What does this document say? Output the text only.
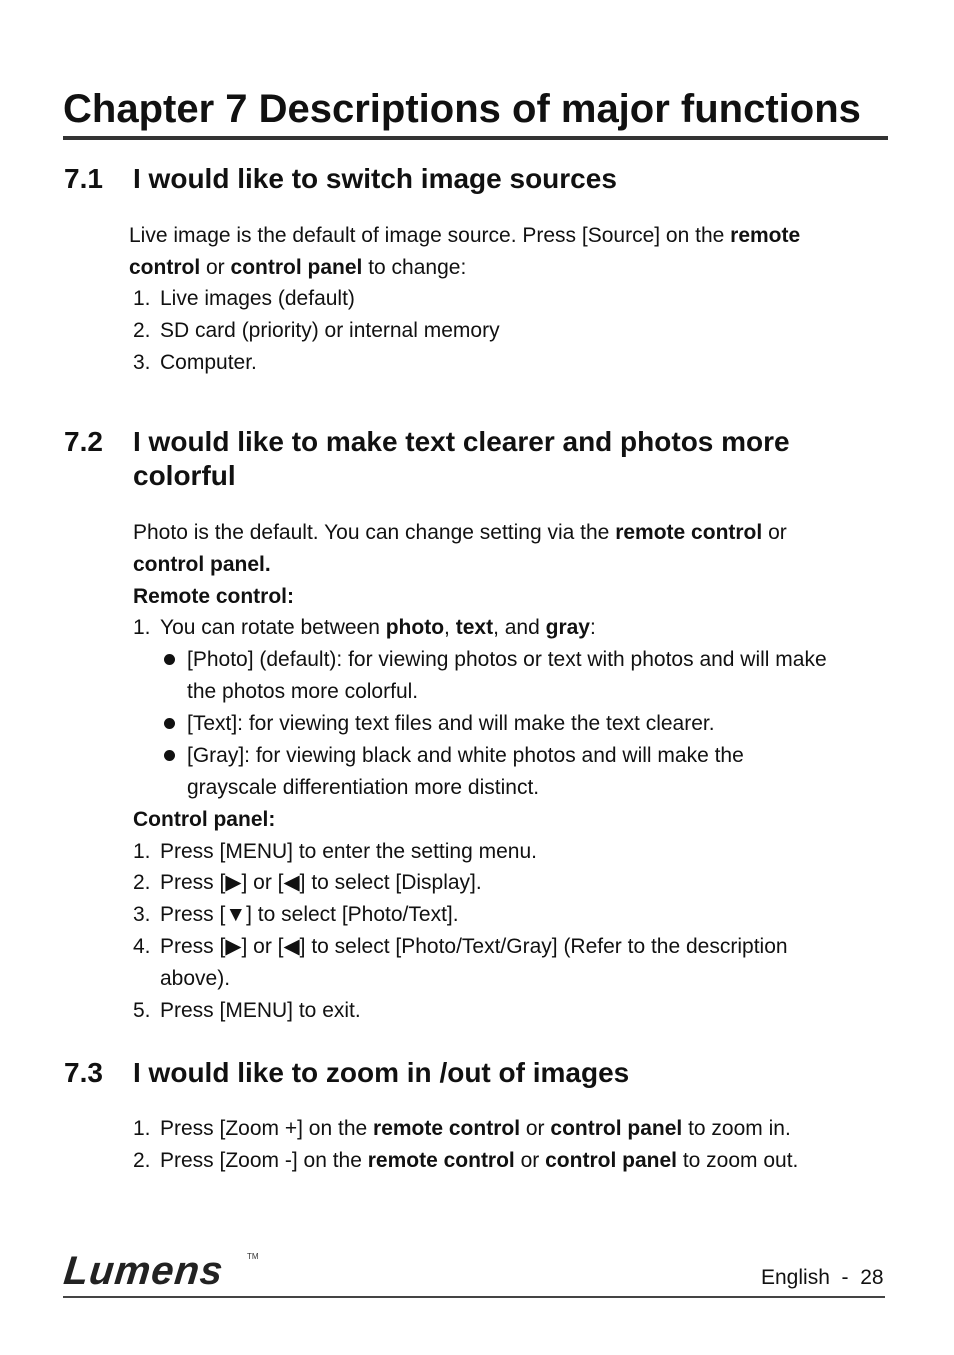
Chapter 7 Descriptions of major functions
7.1 I would like to switch image sources
Live image is the default of image source. Press [Source] on the remote
control or control panel to change:
1. Live images (default)
2. SD card (priority) or internal memory
3. Computer.
7.2 I would like to make text clearer and photos more
colorful
Photo is the default. You can change setting via the remote control or
control panel.
Remote control:
1. You can rotate between photo, text, and gray:
[Photo] (default): for viewing photos or text with photos and will make
the photos more colorful.
[Text]: for viewing text files and will make the text clearer.
[Gray]: for viewing black and white photos and will make the
grayscale differentiation more distinct.
Control panel:
1. Press [MENU] to enter the setting menu.
2. Press [▶] or [◀] to select [Display].
3. Press [▼] to select [Photo/Text].
4. Press [▶] or [◀] to select [Photo/Text/Gray] (Refer to the description
above).
5. Press [MENU] to exit.
7.3 I would like to zoom in /out of images
1. Press [Zoom +] on the remote control or control panel to zoom in.
2. Press [Zoom -] on the remote control or control panel to zoom out.
Lumens	TM
English  -  28
